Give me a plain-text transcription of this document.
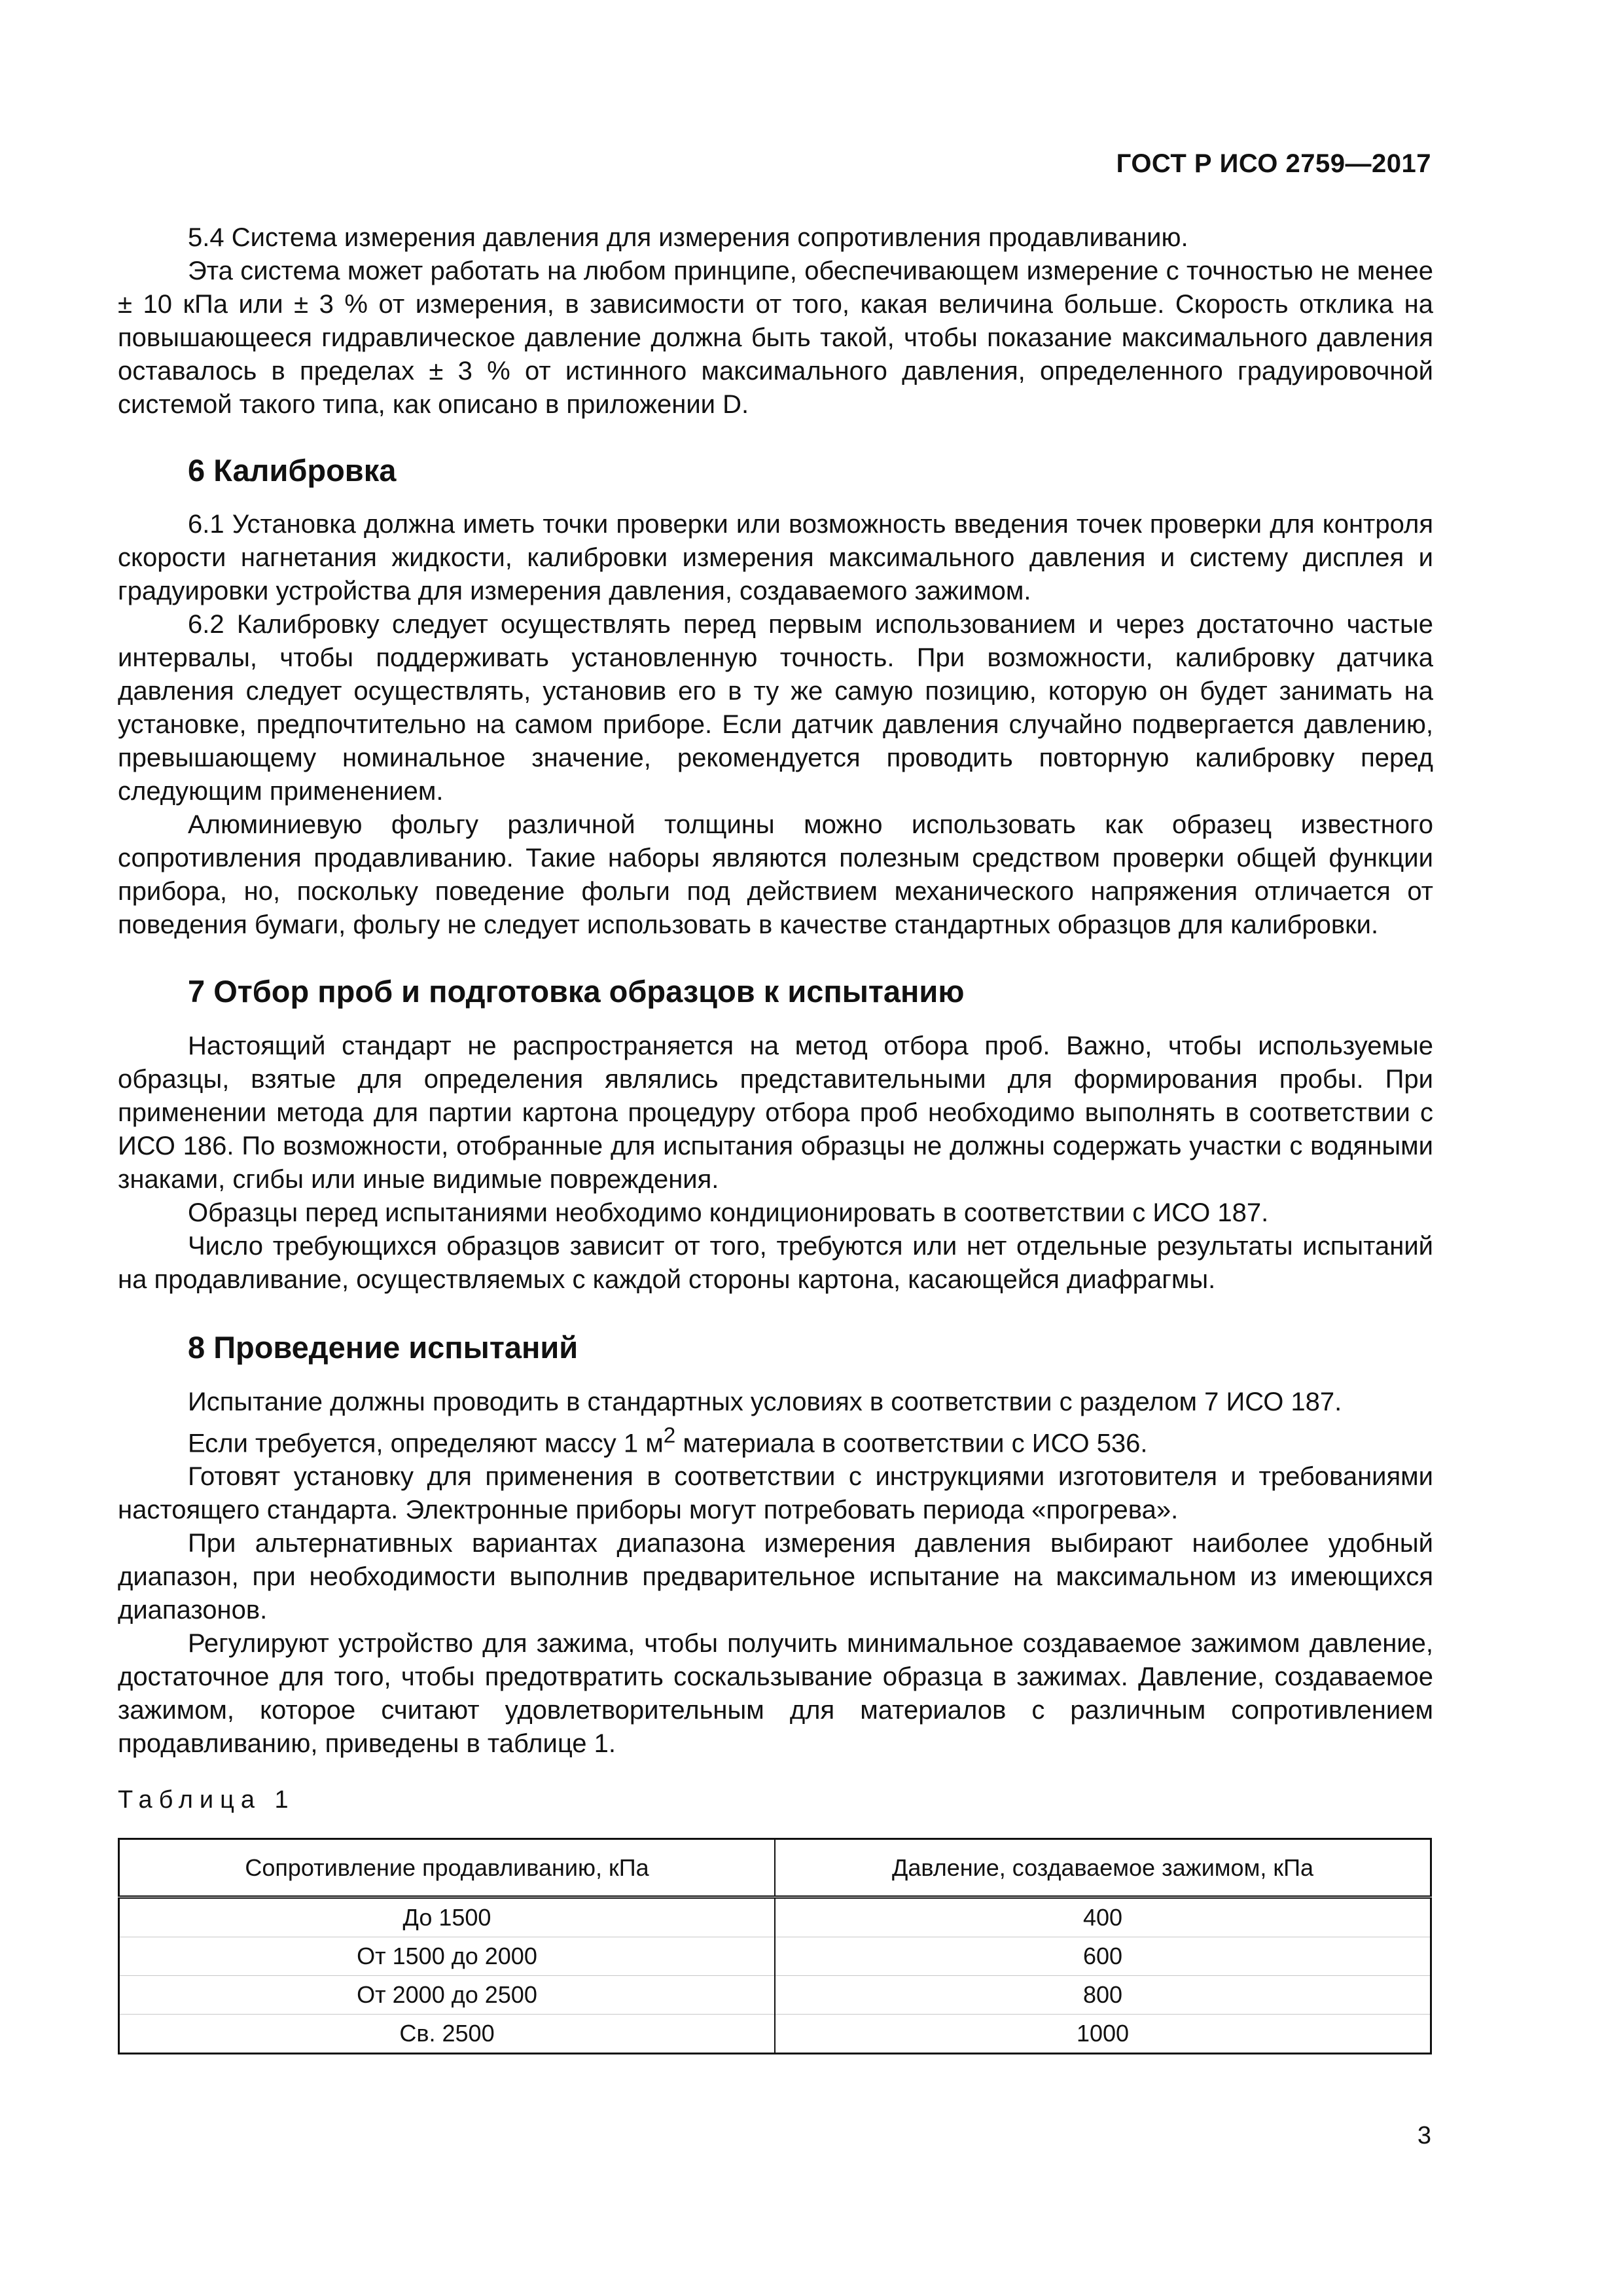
ГОСТ Р ИСО 2759—2017

5.4 Система измерения давления для измерения сопротивления продавливанию.

Эта система может работать на любом принципе, обеспечивающем измерение с точностью не менее ± 10 кПа или ± 3 % от измерения, в зависимости от того, какая величина больше. Скорость отклика на повышающееся гидравлическое давление должна быть такой, чтобы показание максимального давления оставалось в пределах ± 3 % от истинного максимального давления, определенного градуировочной системой такого типа, как описано в приложении D.

6 Калибровка

6.1 Установка должна иметь точки проверки или возможность введения точек проверки для контроля скорости нагнетания жидкости, калибровки измерения максимального давления и систему дисплея и градуировки устройства для измерения давления, создаваемого зажимом.

6.2 Калибровку следует осуществлять перед первым использованием и через достаточно частые интервалы, чтобы поддерживать установленную точность. При возможности, калибровку датчика давления следует осуществлять, установив его в ту же самую позицию, которую он будет занимать на установке, предпочтительно на самом приборе. Если датчик давления случайно подвергается давлению, превышающему номинальное значение, рекомендуется проводить повторную калибровку перед следующим применением.

Алюминиевую фольгу различной толщины можно использовать как образец известного сопротивления продавливанию. Такие наборы являются полезным средством проверки общей функции прибора, но, поскольку поведение фольги под действием механического напряжения отличается от поведения бумаги, фольгу не следует использовать в качестве стандартных образцов для калибровки.

7 Отбор проб и подготовка образцов к испытанию

Настоящий стандарт не распространяется на метод отбора проб. Важно, чтобы используемые образцы, взятые для определения являлись представительными для формирования пробы. При применении метода для партии картона процедуру отбора проб необходимо выполнять в соответствии с ИСО 186. По возможности, отобранные для испытания образцы не должны содержать участки с водяными знаками, сгибы или иные видимые повреждения.

Образцы перед испытаниями необходимо кондиционировать в соответствии с ИСО 187.

Число требующихся образцов зависит от того, требуются или нет отдельные результаты испытаний на продавливание, осуществляемых с каждой стороны картона, касающейся диафрагмы.

8 Проведение испытаний

Испытание должны проводить в стандартных условиях в соответствии с разделом 7 ИСО 187.

Если требуется, определяют массу 1 $м^2$ материала в соответствии с ИСО 536.

Готовят установку для применения в соответствии с инструкциями изготовителя и требованиями настоящего стандарта. Электронные приборы могут потребовать периода «прогрева».

При альтернативных вариантах диапазона измерения давления выбирают наиболее удобный диапазон, при необходимости выполнив предварительное испытание на максимальном из имеющихся диапазонов.

Регулируют устройство для зажима, чтобы получить минимальное создаваемое зажимом давление, достаточное для того, чтобы предотвратить соскальзывание образца в зажимах. Давление, создаваемое зажимом, которое считают удовлетворительным для материалов с различным сопротивлением продавливанию, приведены в таблице 1.

Таблица 1
Сопротивление продавливанию, кПа	Давление, создаваемое зажимом, кПа
До 1500	400
От 1500 до 2000	600
От 2000 до 2500	800
Св. 2500	1000
3
